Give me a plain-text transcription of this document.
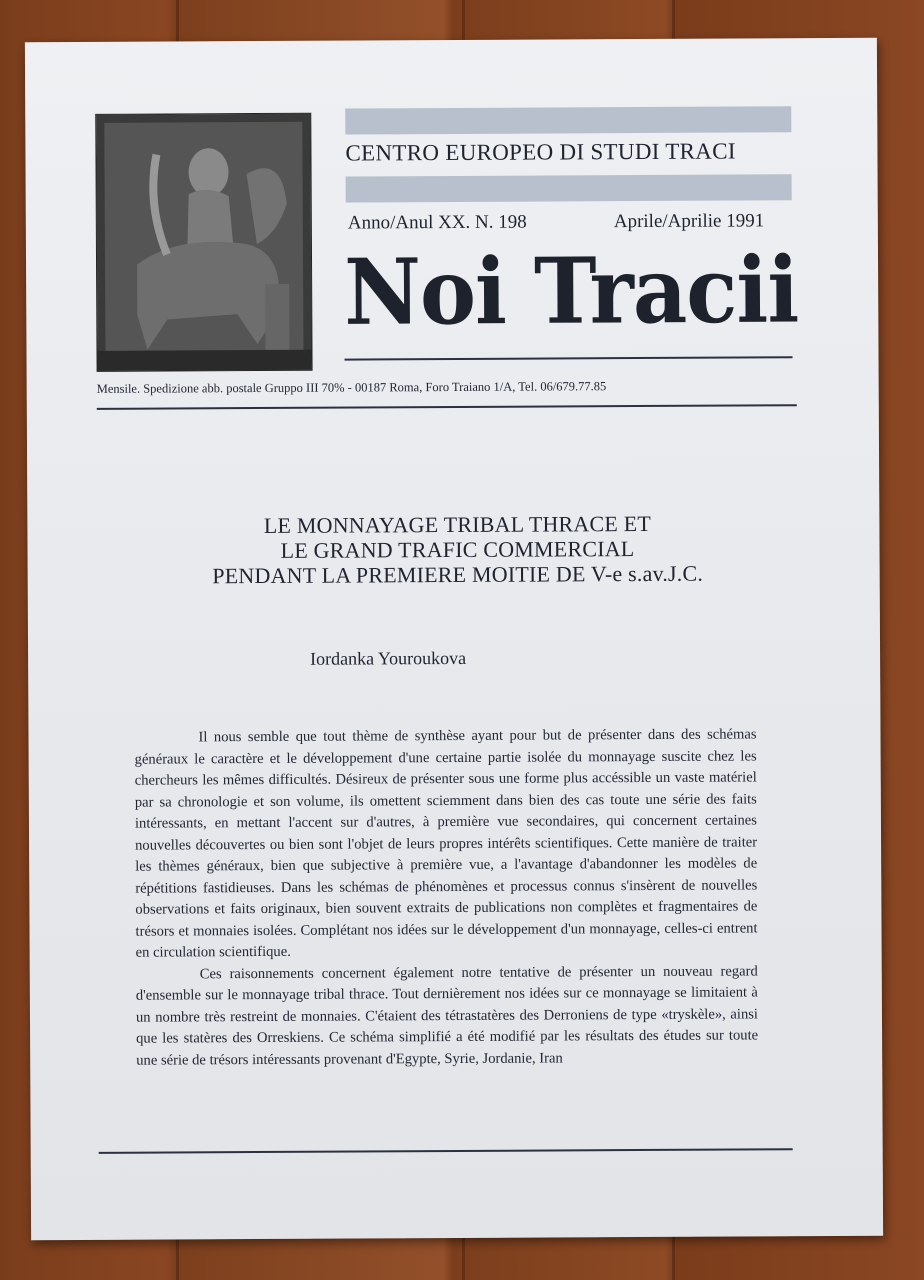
CENTRO EUROPEO DI STUDI TRACI
Anno/Anul XX. N. 198	Aprile/Aprilie 1991
Noi Tracii
Mensile. Spedizione abb. postale Gruppo III 70% - 00187 Roma, Foro Traiano 1/A, Tel. 06/679.77.85
LE MONNAYAGE TRIBAL THRACE ET
LE GRAND TRAFIC COMMERCIAL
PENDANT LA PREMIERE MOITIE DE V-e s.av.J.C.
Iordanka Youroukova

Il nous semble que tout thème de synthèse ayant pour but de présenter dans des schémas généraux le caractère et le développement d'une certaine partie isolée du monnayage suscite chez les chercheurs les mêmes difficultés. Désireux de présenter sous une forme plus accéssible un vaste matériel par sa chronologie et son volume, ils omettent sciemment dans bien des cas toute une série des faits intéressants, en mettant l'accent sur d'autres, à première vue secondaires, qui concernent certaines nouvelles découvertes ou bien sont l'objet de leurs propres intérêts scientifiques. Cette manière de traiter les thèmes généraux, bien que subjective à première vue, a l'avantage d'abandonner les modèles de répétitions fastidieuses. Dans les schémas de phénomènes et processus connus s'insèrent de nouvelles observations et faits originaux, bien souvent extraits de publications non complètes et fragmentaires de trésors et monnaies isolées. Complétant nos idées sur le développement d'un monnayage, celles-ci entrent en circulation scientifique.

Ces raisonnements concernent également notre tentative de présenter un nouveau regard d'ensemble sur le monnayage tribal thrace. Tout dernièrement nos idées sur ce monnayage se limitaient à un nombre très restreint de monnaies. C'étaient des tétrastatères des Derroniens de type «tryskèle», ainsi que les statères des Orreskiens. Ce schéma simplifié a été modifié par les résultats des études sur toute une série de trésors intéressants provenant d'Egypte, Syrie, Jordanie, Iran
